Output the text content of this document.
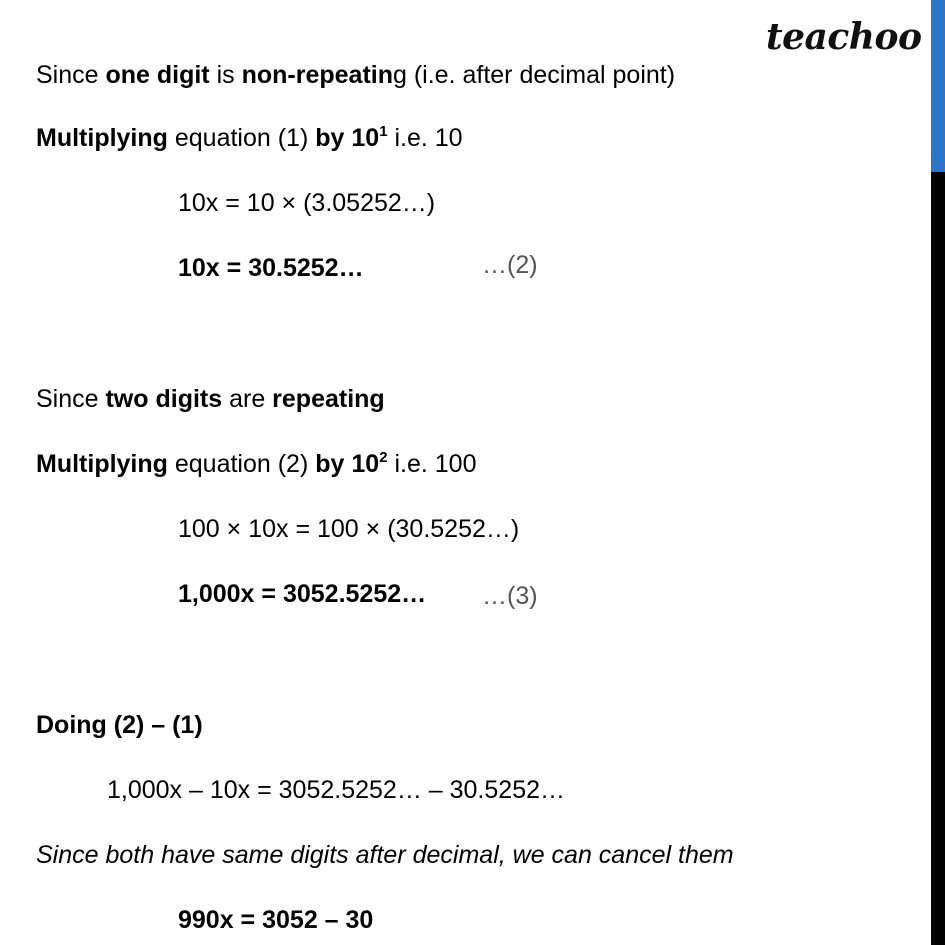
teachoo
Since one digit is non-repeating (i.e. after decimal point)
Multiplying equation (1) by $10^1$ i.e. 10
10x = 10 × (3.05252…)
10x = 30.5252…	…(2)
Since two digits are repeating
Multiplying equation (2) by $10^2$ i.e. 100
100 × 10x = 100 × (30.5252…)
1,000x = 3052.5252… …(3)
Doing (2) – (1)
1,000x – 10x = 3052.5252… – 30.5252…
Since both have same digits after decimal, we can cancel them
990x = 3052 – 30
